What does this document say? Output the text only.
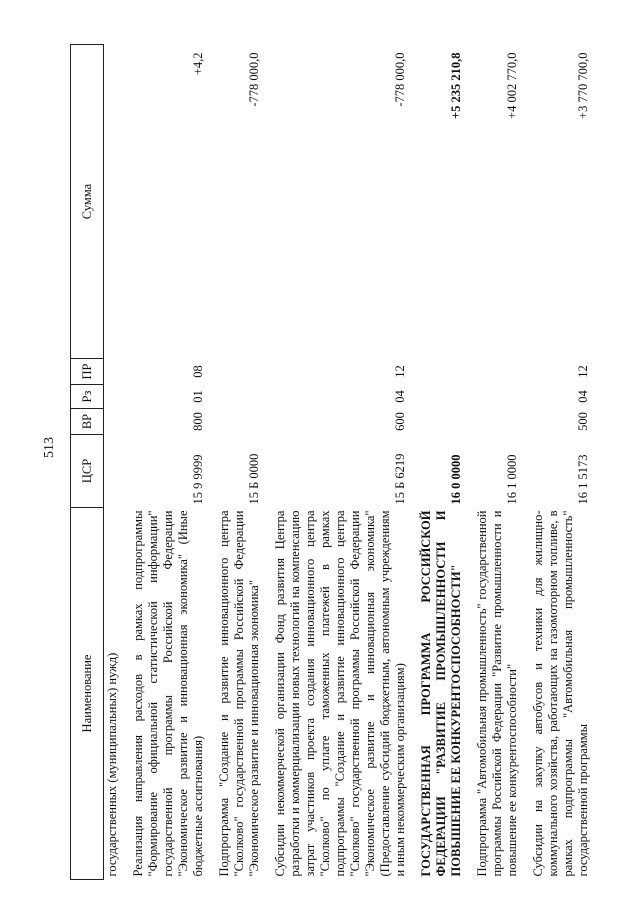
513
Наименование	ЦСР	ВР	Рз	ПР	Сумма
государственных (муниципальных) нужд)					
Реализация направления расходов в рамках подпрограммы "Формирование официальной статистической информации" государственной программы Российской Федерации "Экономическое развитие и инновационная экономика" (Иные бюджетные ассигнования)	15 9 9999	800	01	08	+4,2
Подпрограмма "Создание и развитие инновационного центра "Сколково" государственной программы Российской Федерации "Экономическое развитие и инновационная экономика"	15 Б 0000				-778 000,0
Субсидии некоммерческой организации Фонд развития Центра разработки и коммерциализации новых технологий на компенсацию затрат участников проекта создания инновационного центра "Сколково" по уплате таможенных платежей в рамках подпрограммы "Создание и развитие инновационного центра "Сколково" государственной программы Российской Федерации "Экономическое развитие и инновационная экономика" (Предоставление субсидий бюджетным, автономным учреждениям и иным некоммерческим организациям)	15 Б 6219	600	04	12	-778 000,0
ГОСУДАРСТВЕННАЯ ПРОГРАММА РОССИЙСКОЙ ФЕДЕРАЦИИ "РАЗВИТИЕ ПРОМЫШЛЕННОСТИ И ПОВЫШЕНИЕ ЕЕ КОНКУРЕНТОСПОСОБНОСТИ"	16 0 0000				+5 235 210,8
Подпрограмма "Автомобильная промышленность" государственной программы Российской Федерации "Развитие промышленности и повышение ее конкурентоспособности"	16 1 0000				+4 002 770,0
Субсидии на закупку автобусов и техники для жилищно-коммунального хозяйства, работающих на газомоторном топливе, в рамках подпрограммы "Автомобильная промышленность" государственной программы	16 1 5173	500	04	12	+3 770 700,0
